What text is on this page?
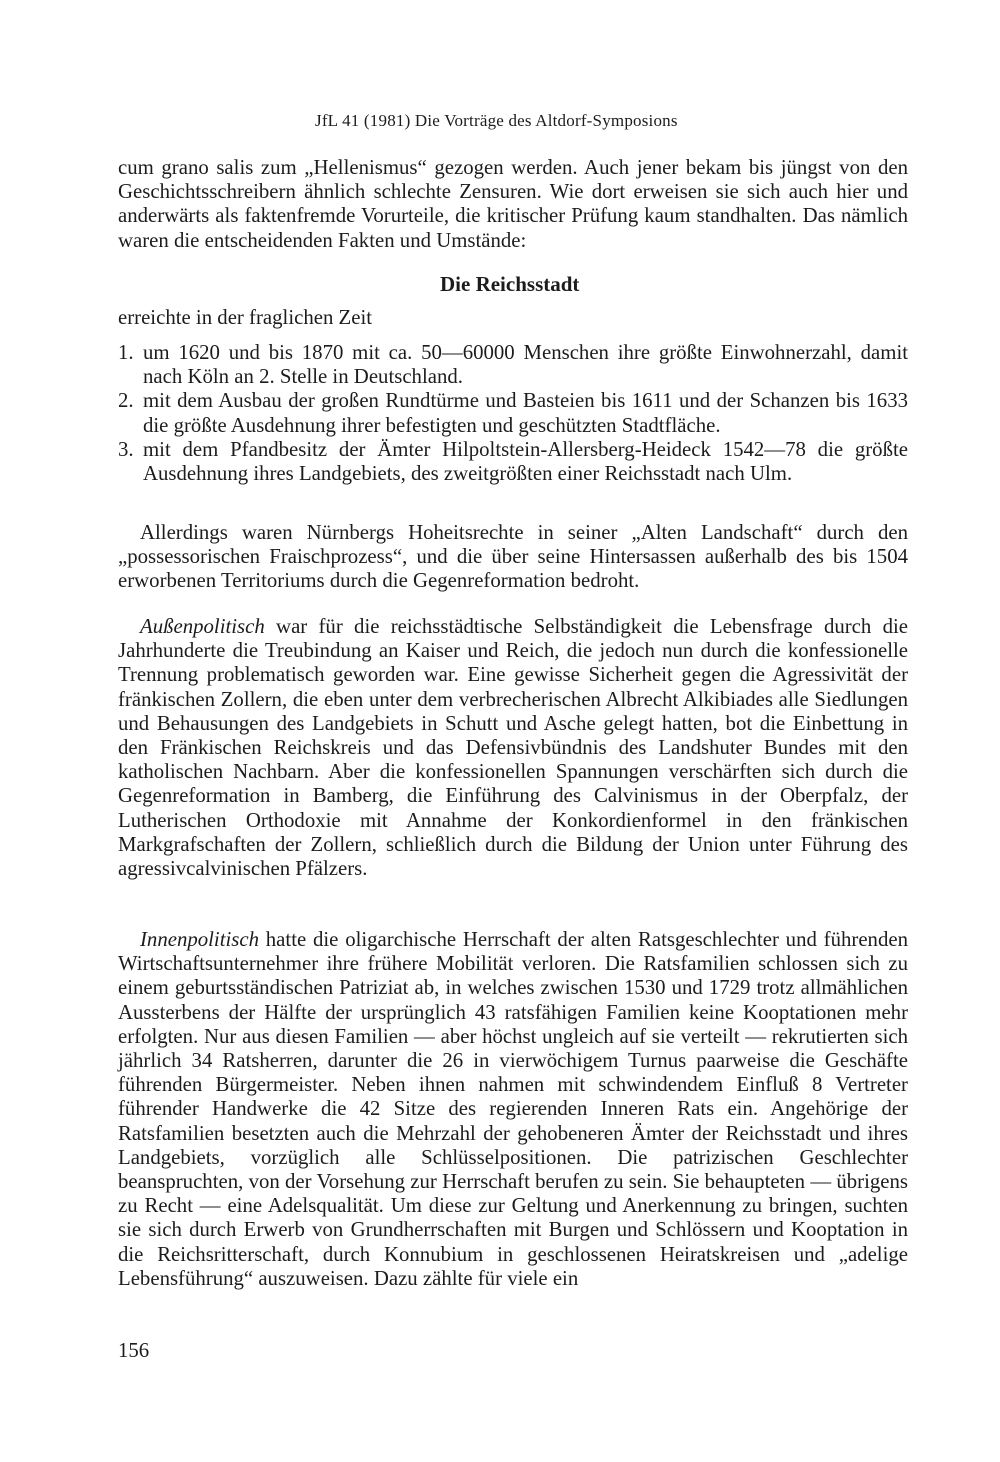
JfL 41 (1981) Die Vorträge des Altdorf-Symposions

cum grano salis zum „Hellenismus“ gezogen werden. Auch jener bekam bis jüngst von den Geschichtsschreibern ähnlich schlechte Zensuren. Wie dort erweisen sie sich auch hier und anderwärts als faktenfremde Vorurteile, die kritischer Prüfung kaum standhalten. Das nämlich waren die entscheidenden Fakten und Umstände:

Die Reichsstadt
erreichte in der fraglichen Zeit
1. um 1620 und bis 1870 mit ca. 50—60000 Menschen ihre größte Einwohnerzahl, damit nach Köln an 2. Stelle in Deutschland.
2. mit dem Ausbau der großen Rundtürme und Basteien bis 1611 und der Schanzen bis 1633 die größte Ausdehnung ihrer befestigten und geschützten Stadtfläche.
3. mit dem Pfandbesitz der Ämter Hilpoltstein-Allersberg-Heideck 1542—78 die größte Ausdehnung ihres Landgebiets, des zweitgrößten einer Reichsstadt nach Ulm.

Allerdings waren Nürnbergs Hoheitsrechte in seiner „Alten Landschaft“ durch den „possessorischen Fraischprozess“, und die über seine Hintersassen außerhalb des bis 1504 erworbenen Territoriums durch die Gegenreformation bedroht.

Außenpolitisch war für die reichsstädtische Selbständigkeit die Lebensfrage durch die Jahrhunderte die Treubindung an Kaiser und Reich, die jedoch nun durch die konfessionelle Trennung problematisch geworden war. Eine gewisse Sicherheit gegen die Agressivität der fränkischen Zollern, die eben unter dem verbrecherischen Albrecht Alkibiades alle Siedlungen und Behausungen des Landgebiets in Schutt und Asche gelegt hatten, bot die Einbettung in den Fränkischen Reichskreis und das Defensivbündnis des Landshuter Bundes mit den katholischen Nachbarn. Aber die konfessionellen Spannungen verschärften sich durch die Gegenreformation in Bamberg, die Einführung des Calvinismus in der Oberpfalz, der Lutherischen Orthodoxie mit Annahme der Konkordienformel in den fränkischen Markgrafschaften der Zollern, schließlich durch die Bildung der Union unter Führung des agressivcalvinischen Pfälzers.

Innenpolitisch hatte die oligarchische Herrschaft der alten Ratsgeschlechter und führenden Wirtschaftsunternehmer ihre frühere Mobilität verloren. Die Ratsfamilien schlossen sich zu einem geburtsständischen Patriziat ab, in welches zwischen 1530 und 1729 trotz allmählichen Aussterbens der Hälfte der ursprünglich 43 ratsfähigen Familien keine Kooptationen mehr erfolgten. Nur aus diesen Familien — aber höchst ungleich auf sie verteilt — rekrutierten sich jährlich 34 Ratsherren, darunter die 26 in vierwöchigem Turnus paarweise die Geschäfte führenden Bürgermeister. Neben ihnen nahmen mit schwindendem Einfluß 8 Vertreter führender Handwerke die 42 Sitze des regierenden Inneren Rats ein. Angehörige der Ratsfamilien besetzten auch die Mehrzahl der gehobeneren Ämter der Reichsstadt und ihres Landgebiets, vorzüglich alle Schlüsselpositionen. Die patrizischen Geschlechter beanspruchten, von der Vorsehung zur Herrschaft berufen zu sein. Sie behaupteten — übrigens zu Recht — eine Adelsqualität. Um diese zur Geltung und Anerkennung zu bringen, suchten sie sich durch Erwerb von Grundherrschaften mit Burgen und Schlössern und Kooptation in die Reichsritterschaft, durch Konnubium in geschlossenen Heiratskreisen und „adelige Lebensführung“ auszuweisen. Dazu zählte für viele ein

156
